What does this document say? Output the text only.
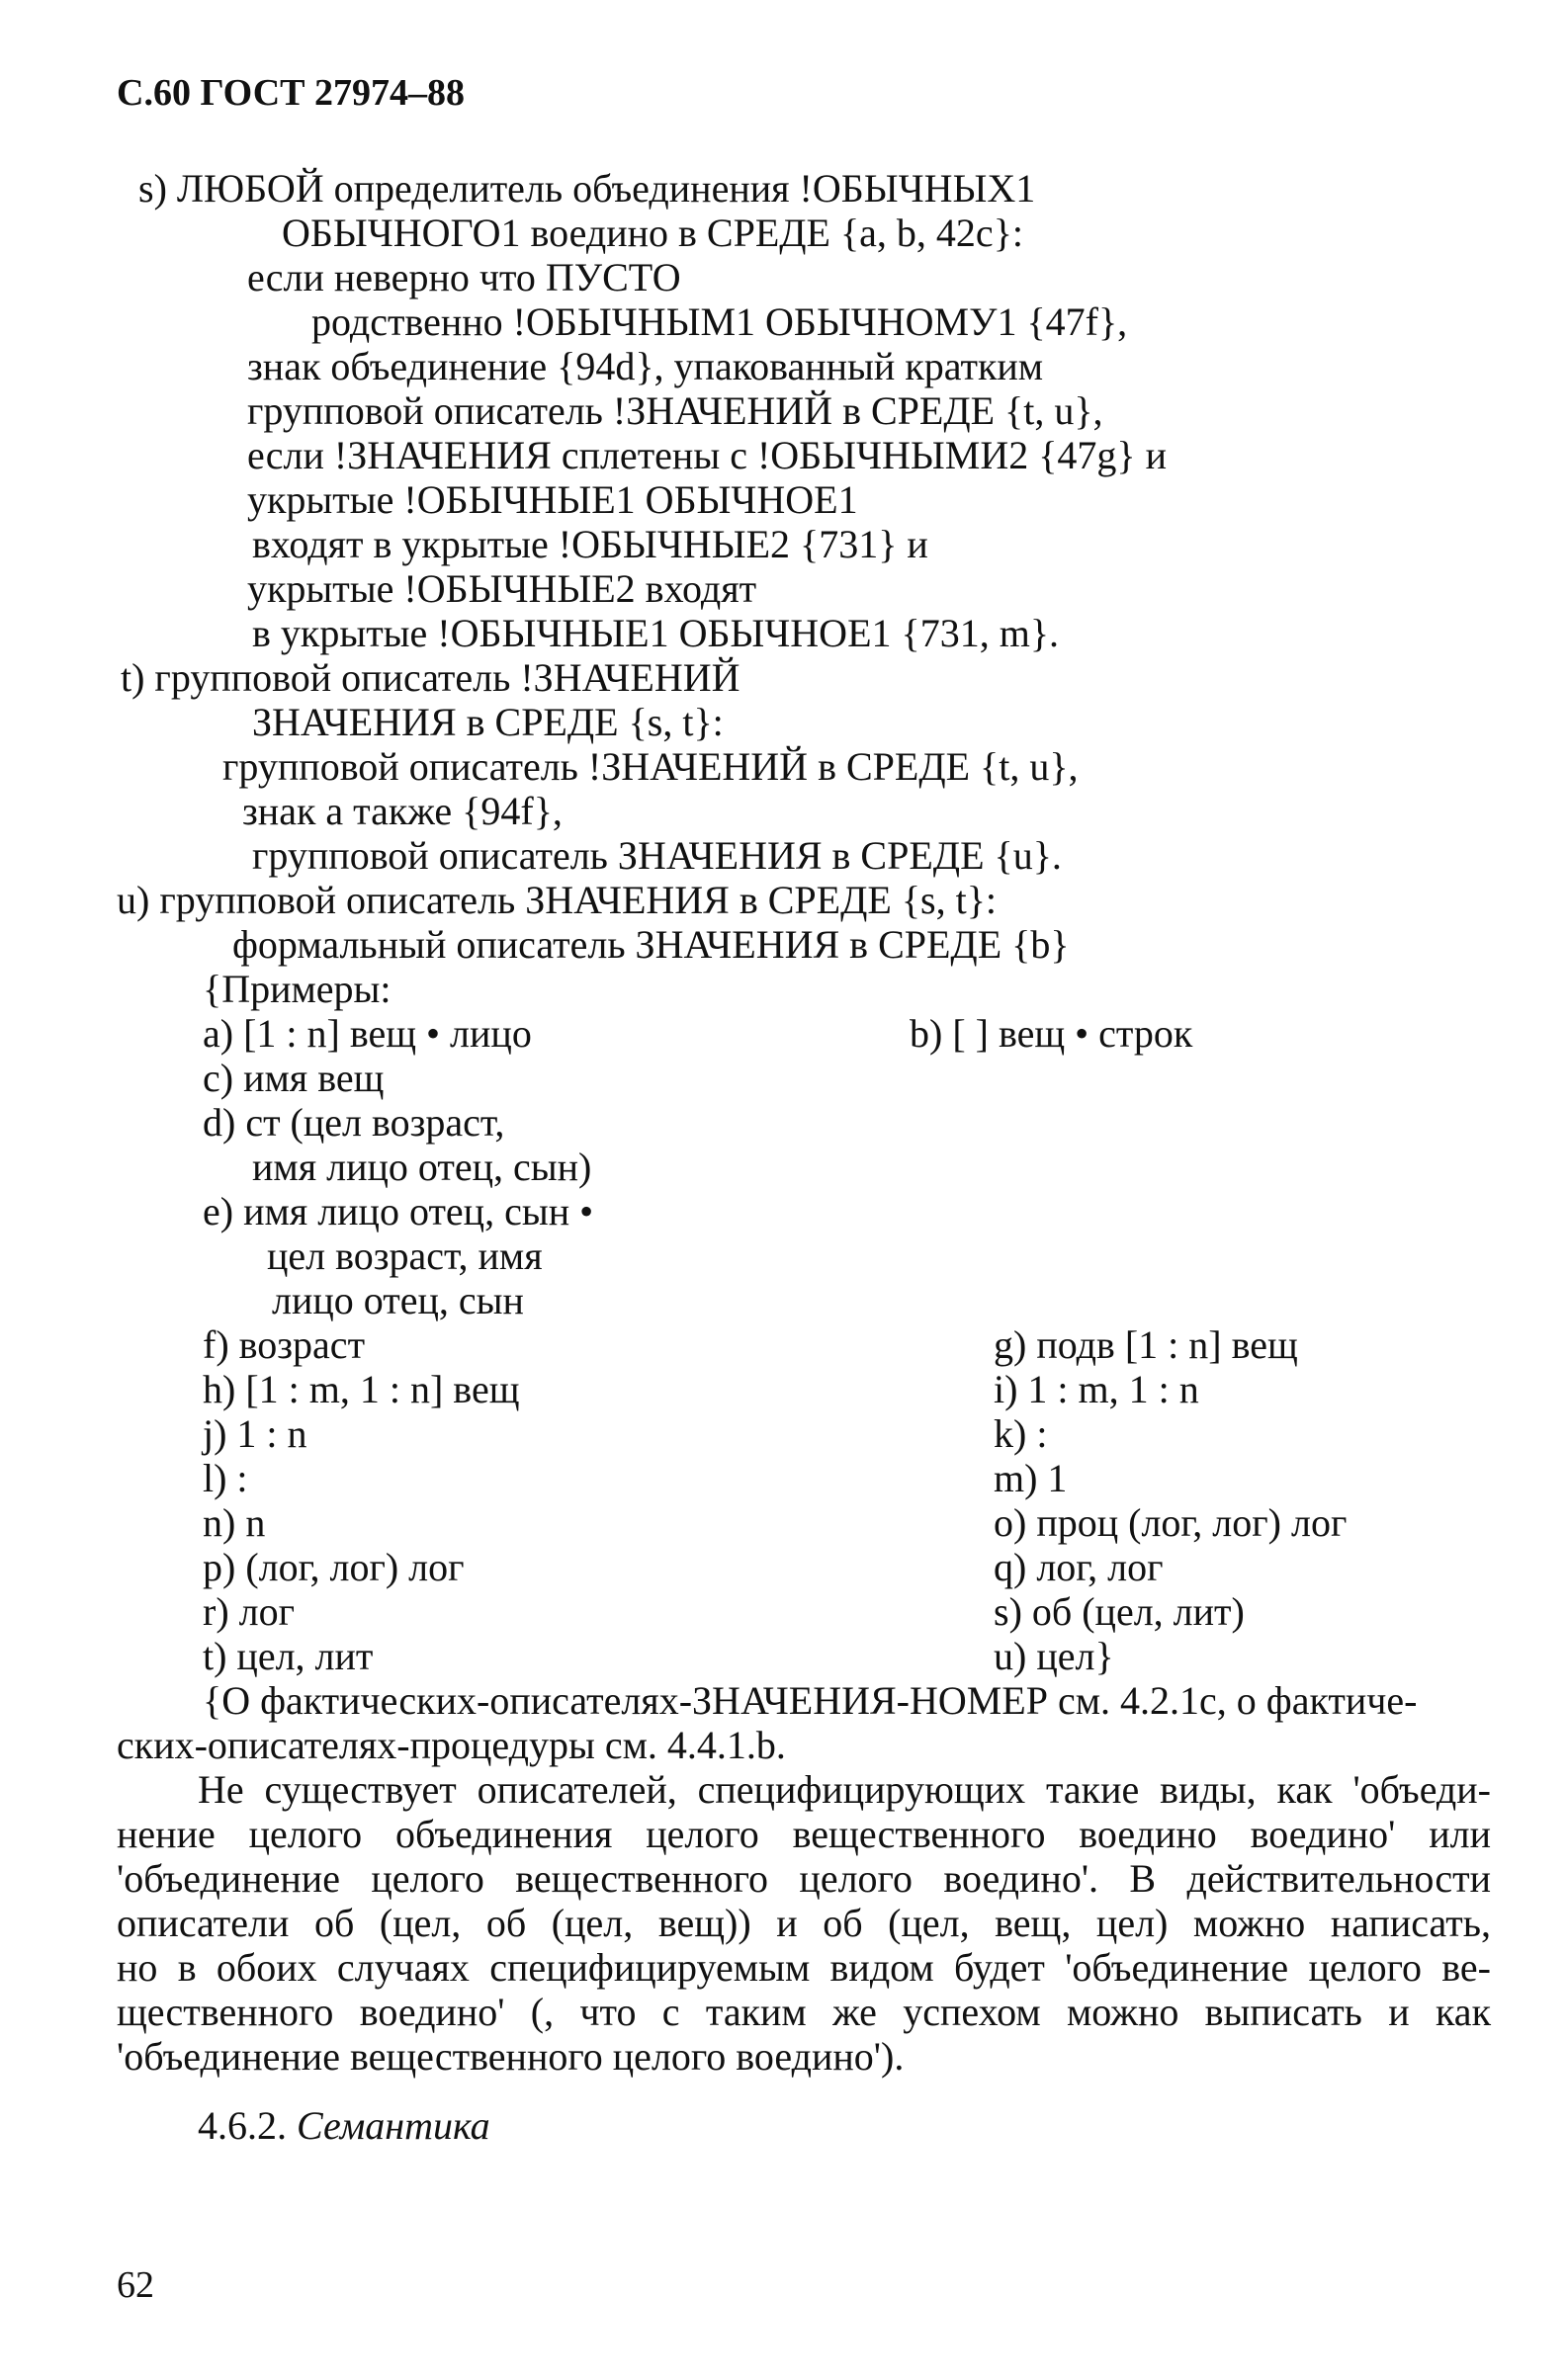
С.60 ГОСТ 27974–88
s) ЛЮБОЙ определитель объединения !ОБЫЧНЫХ1
ОБЫЧНОГО1 воедино в СРЕДЕ {a, b, 42c}:
если неверно что ПУСТО
родственно !ОБЫЧНЫМ1 ОБЫЧНОМУ1 {47f},
знак объединение {94d}, упакованный кратким
групповой описатель !ЗНАЧЕНИЙ в СРЕДЕ {t, u},
если !ЗНАЧЕНИЯ сплетены с !ОБЫЧНЫМИ2 {47g} и
укрытые !ОБЫЧНЫЕ1 ОБЫЧНОЕ1
входят в укрытые !ОБЫЧНЫЕ2 {731} и
укрытые !ОБЫЧНЫЕ2 входят
в укрытые !ОБЫЧНЫЕ1 ОБЫЧНОЕ1 {731, m}.
t) групповой описатель !ЗНАЧЕНИЙ
ЗНАЧЕНИЯ в СРЕДЕ {s, t}:
групповой описатель !ЗНАЧЕНИЙ в СРЕДЕ {t, u},
знак а также {94f},
групповой описатель ЗНАЧЕНИЯ в СРЕДЕ {u}.
u) групповой описатель ЗНАЧЕНИЯ в СРЕДЕ {s, t}:
формальный описатель ЗНАЧЕНИЯ в СРЕДЕ {b}
{Примеры:
a) [1 : n] вещ • лицо
c) имя вещ
d) ст (цел возраст,
имя лицо отец, сын)
e) имя лицо отец, сын •
цел возраст, имя
лицо отец, сын
f) возраст
h) [1 : m, 1 : n] вещ
j) 1 : n
l) :
n) n
p) (лог, лог) лог
r) лог
t) цел, лит
b) [ ] вещ • строк
g) подв [1 : n] вещ
i) 1 : m, 1 : n
k) :
m) 1
o) проц (лог, лог) лог
q) лог, лог
s) об (цел, лит)
u) цел}
{О фактических-описателях-ЗНАЧЕНИЯ-НОМЕР см. 4.2.1с, о фактиче-
ских-описателях-процедуры см. 4.4.1.b.
Не существует описателей, специфицирующих такие виды, как 'объеди-
нение целого объединения целого вещественного воедино воедино' или
'объединение целого вещественного целого воедино'. В действительности
описатели об (цел, об (цел, вещ)) и об (цел, вещ, цел) можно написать,
но в обоих случаях специфицируемым видом будет 'объединение целого ве-
щественного воедино' (, что с таким же успехом можно выписать и как
'объединение вещественного целого воедино').
4.6.2. Семантика
62
